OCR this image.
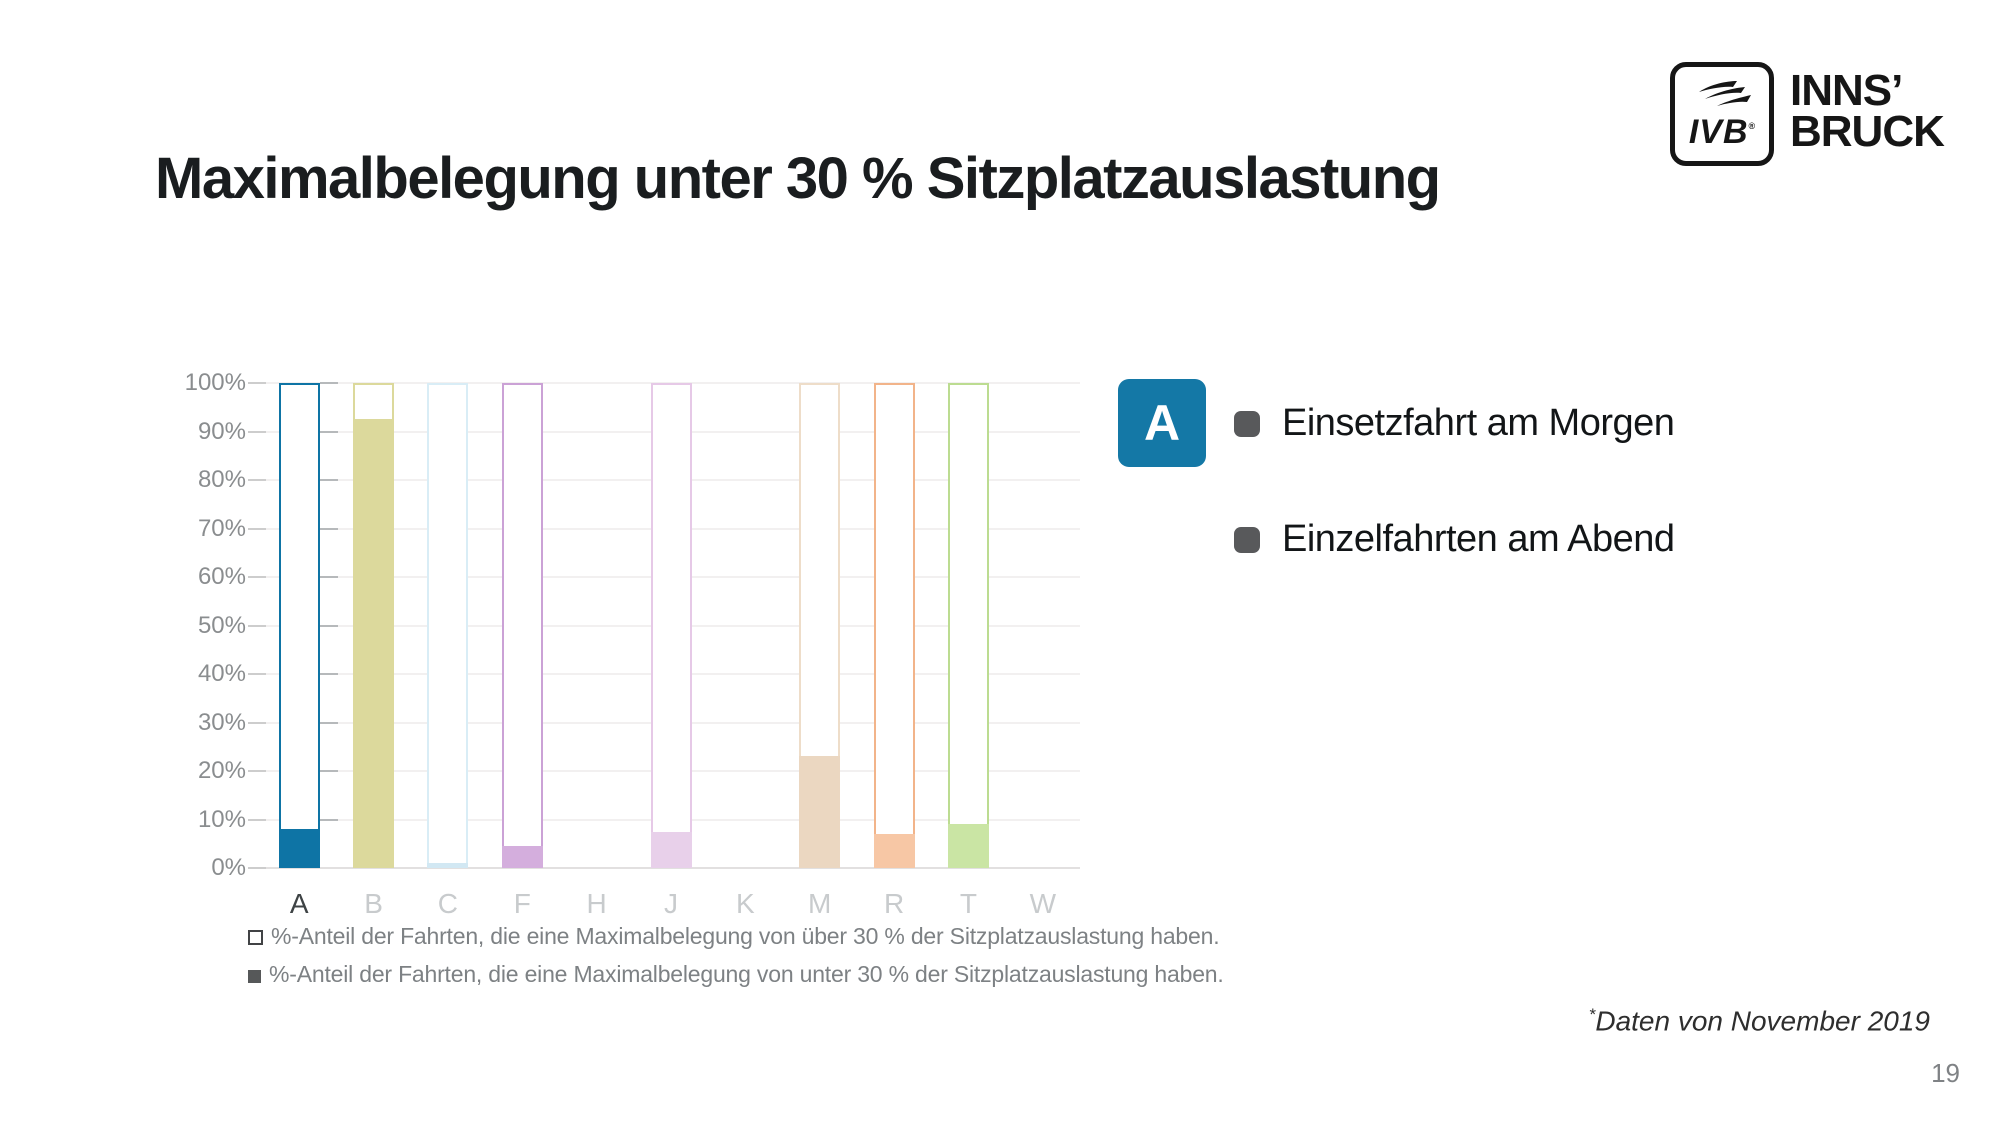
IVB®
INNS’
BRUCK
Maximalbelegung unter 30 % Sitzplatzauslastung
0%
10%
20%
30%
40%
50%
60%
70%
80%
90%
100%
A	B	C	F	H	J	K	M	R	T	W
A	Einsetzfahrt am Morgen
Einzelfahrten am Abend
%-Anteil der Fahrten, die eine Maximalbelegung von über 30 % der Sitzplatzauslastung haben.
%-Anteil der Fahrten, die eine Maximalbelegung von unter 30 % der Sitzplatzauslastung haben.
*Daten von November 2019
19
